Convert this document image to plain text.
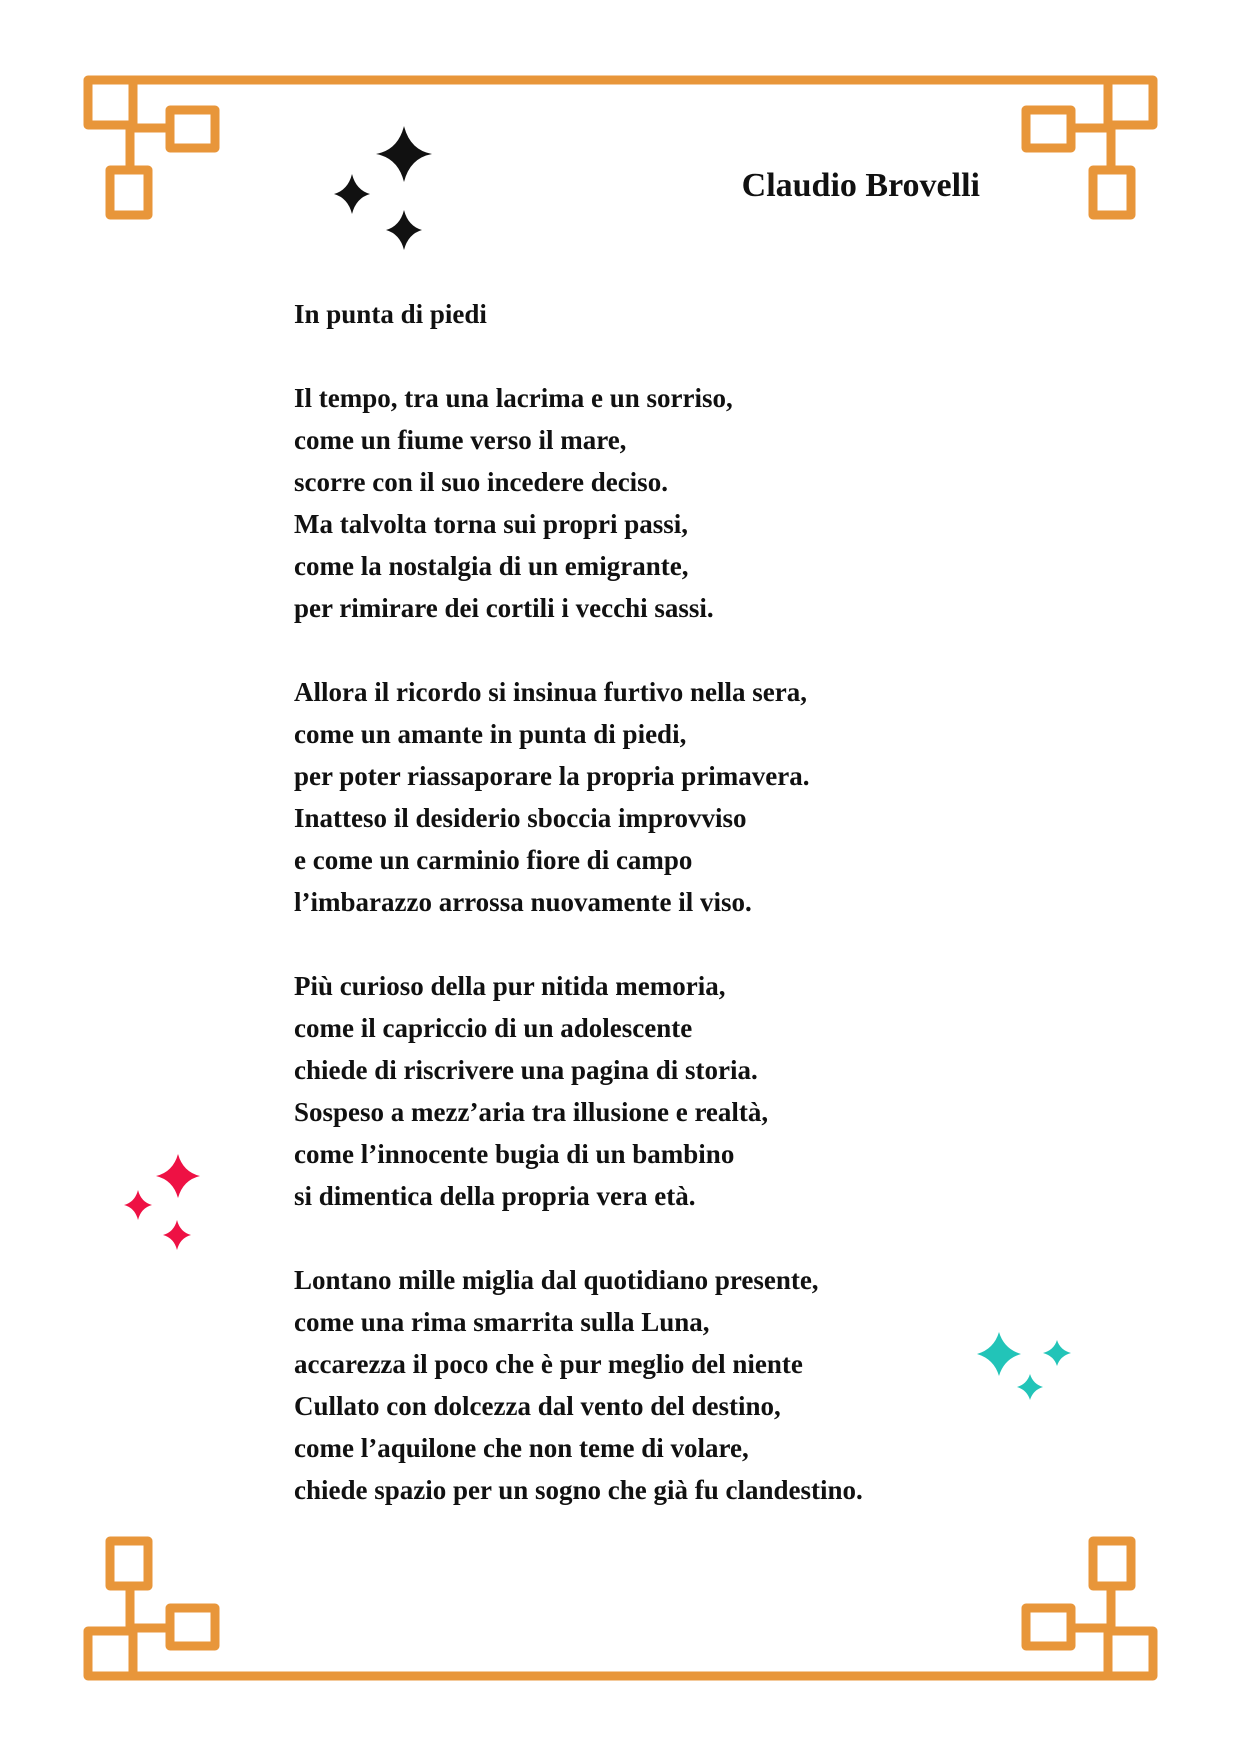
Claudio Brovelli
In punta di piedi
Il tempo, tra una lacrima e un sorriso,
come un fiume verso il mare,
scorre con il suo incedere deciso.
Ma talvolta torna sui propri passi,
come la nostalgia di un emigrante,
per rimirare dei cortili i vecchi sassi.
Allora il ricordo si insinua furtivo nella sera,
come un amante in punta di piedi,
per poter riassaporare la propria primavera.
Inatteso il desiderio sboccia improvviso
e come un carminio fiore di campo
l’imbarazzo arrossa nuovamente il viso.
Più curioso della pur nitida memoria,
come il capriccio di un adolescente
chiede di riscrivere una pagina di storia.
Sospeso a mezz’aria tra illusione e realtà,
come l’innocente bugia di un bambino
si dimentica della propria vera età.
Lontano mille miglia dal quotidiano presente,
come una rima smarrita sulla Luna,
accarezza il poco che è pur meglio del niente
Cullato con dolcezza dal vento del destino,
come l’aquilone che non teme di volare,
chiede spazio per un sogno che già fu clandestino.
